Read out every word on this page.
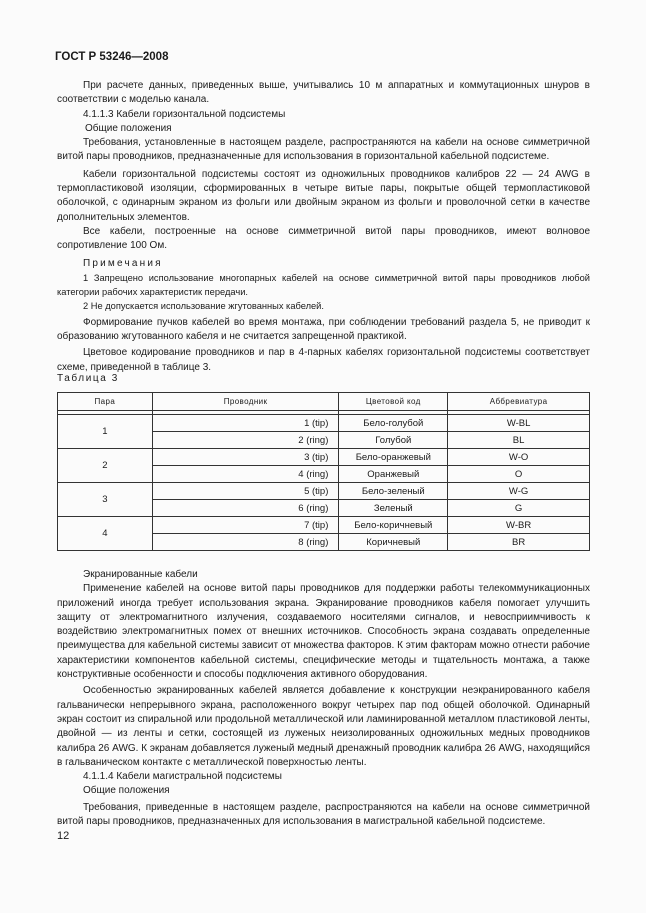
ГОСТ Р 53246—2008

При расчете данных, приведенных выше, учитывались 10 м аппаратных и коммутационных шнуров в соответствии с моделью канала.

4.1.1.3 Кабели горизонтальной подсистемы

Общие положения

Требования, установленные в настоящем разделе, распространяются на кабели на основе симметричной витой пары проводников, предназначенные для использования в горизонтальной кабельной подсистеме.

Кабели горизонтальной подсистемы состоят из одножильных проводников калибров 22 — 24 AWG в термопластиковой изоляции, сформированных в четыре витые пары, покрытые общей термопластиковой оболочкой, с одинарным экраном из фольги или двойным экраном из фольги и проволочной сетки в качестве дополнительных элементов.

Все кабели, построенные на основе симметричной витой пары проводников, имеют волновое сопротивление 100 Ом.

Примечания

1 Запрещено использование многопарных кабелей на основе симметричной витой пары проводников любой категории рабочих характеристик передачи.

2 Не допускается использование жгутованных кабелей.

Формирование пучков кабелей во время монтажа, при соблюдении требований раздела 5, не приводит к образованию жгутованного кабеля и не считается запрещенной практикой.

Цветовое кодирование проводников и пар в 4-парных кабелях горизонтальной подсистемы соответствует схеме, приведенной в таблице 3.

Таблица 3
Пара	Проводник	Цветовой код	Аббревиатура

1	1 (tip)	Бело-голубой	W-BL
	2 (ring)	Голубой	BL
2	3 (tip)	Бело-оранжевый	W-O
	4 (ring)	Оранжевый	O
3	5 (tip)	Бело-зеленый	W-G
	6 (ring)	Зеленый	G
4	7 (tip)	Бело-коричневый	W-BR
	8 (ring)	Коричневый	BR

Экранированные кабели

Применение кабелей на основе витой пары проводников для поддержки работы телекоммуникационных приложений иногда требует использования экрана. Экранирование проводников кабеля помогает улучшить защиту от электромагнитного излучения, создаваемого носителями сигналов, и невосприимчивость к воздействию электромагнитных помех от внешних источников. Способность экрана создавать определенные преимущества для кабельной системы зависит от множества факторов. К этим факторам можно отнести рабочие характеристики компонентов кабельной системы, специфические методы и тщательность монтажа, а также конструктивные особенности и способы подключения активного оборудования.

Особенностью экранированных кабелей является добавление к конструкции неэкранированного кабеля гальванически непрерывного экрана, расположенного вокруг четырех пар под общей оболочкой. Одинарный экран состоит из спиральной или продольной металлической или ламинированной металлом пластиковой ленты, двойной — из ленты и сетки, состоящей из луженых неизолированных одножильных медных проводников калибра 26 AWG. К экранам добавляется луженый медный дренажный проводник калибра 26 AWG, находящийся в гальваническом контакте с металлической поверхностью ленты.

4.1.1.4 Кабели магистральной подсистемы

Общие положения

Требования, приведенные в настоящем разделе, распространяются на кабели на основе симметричной витой пары проводников, предназначенных для использования в магистральной кабельной подсистеме.

12
